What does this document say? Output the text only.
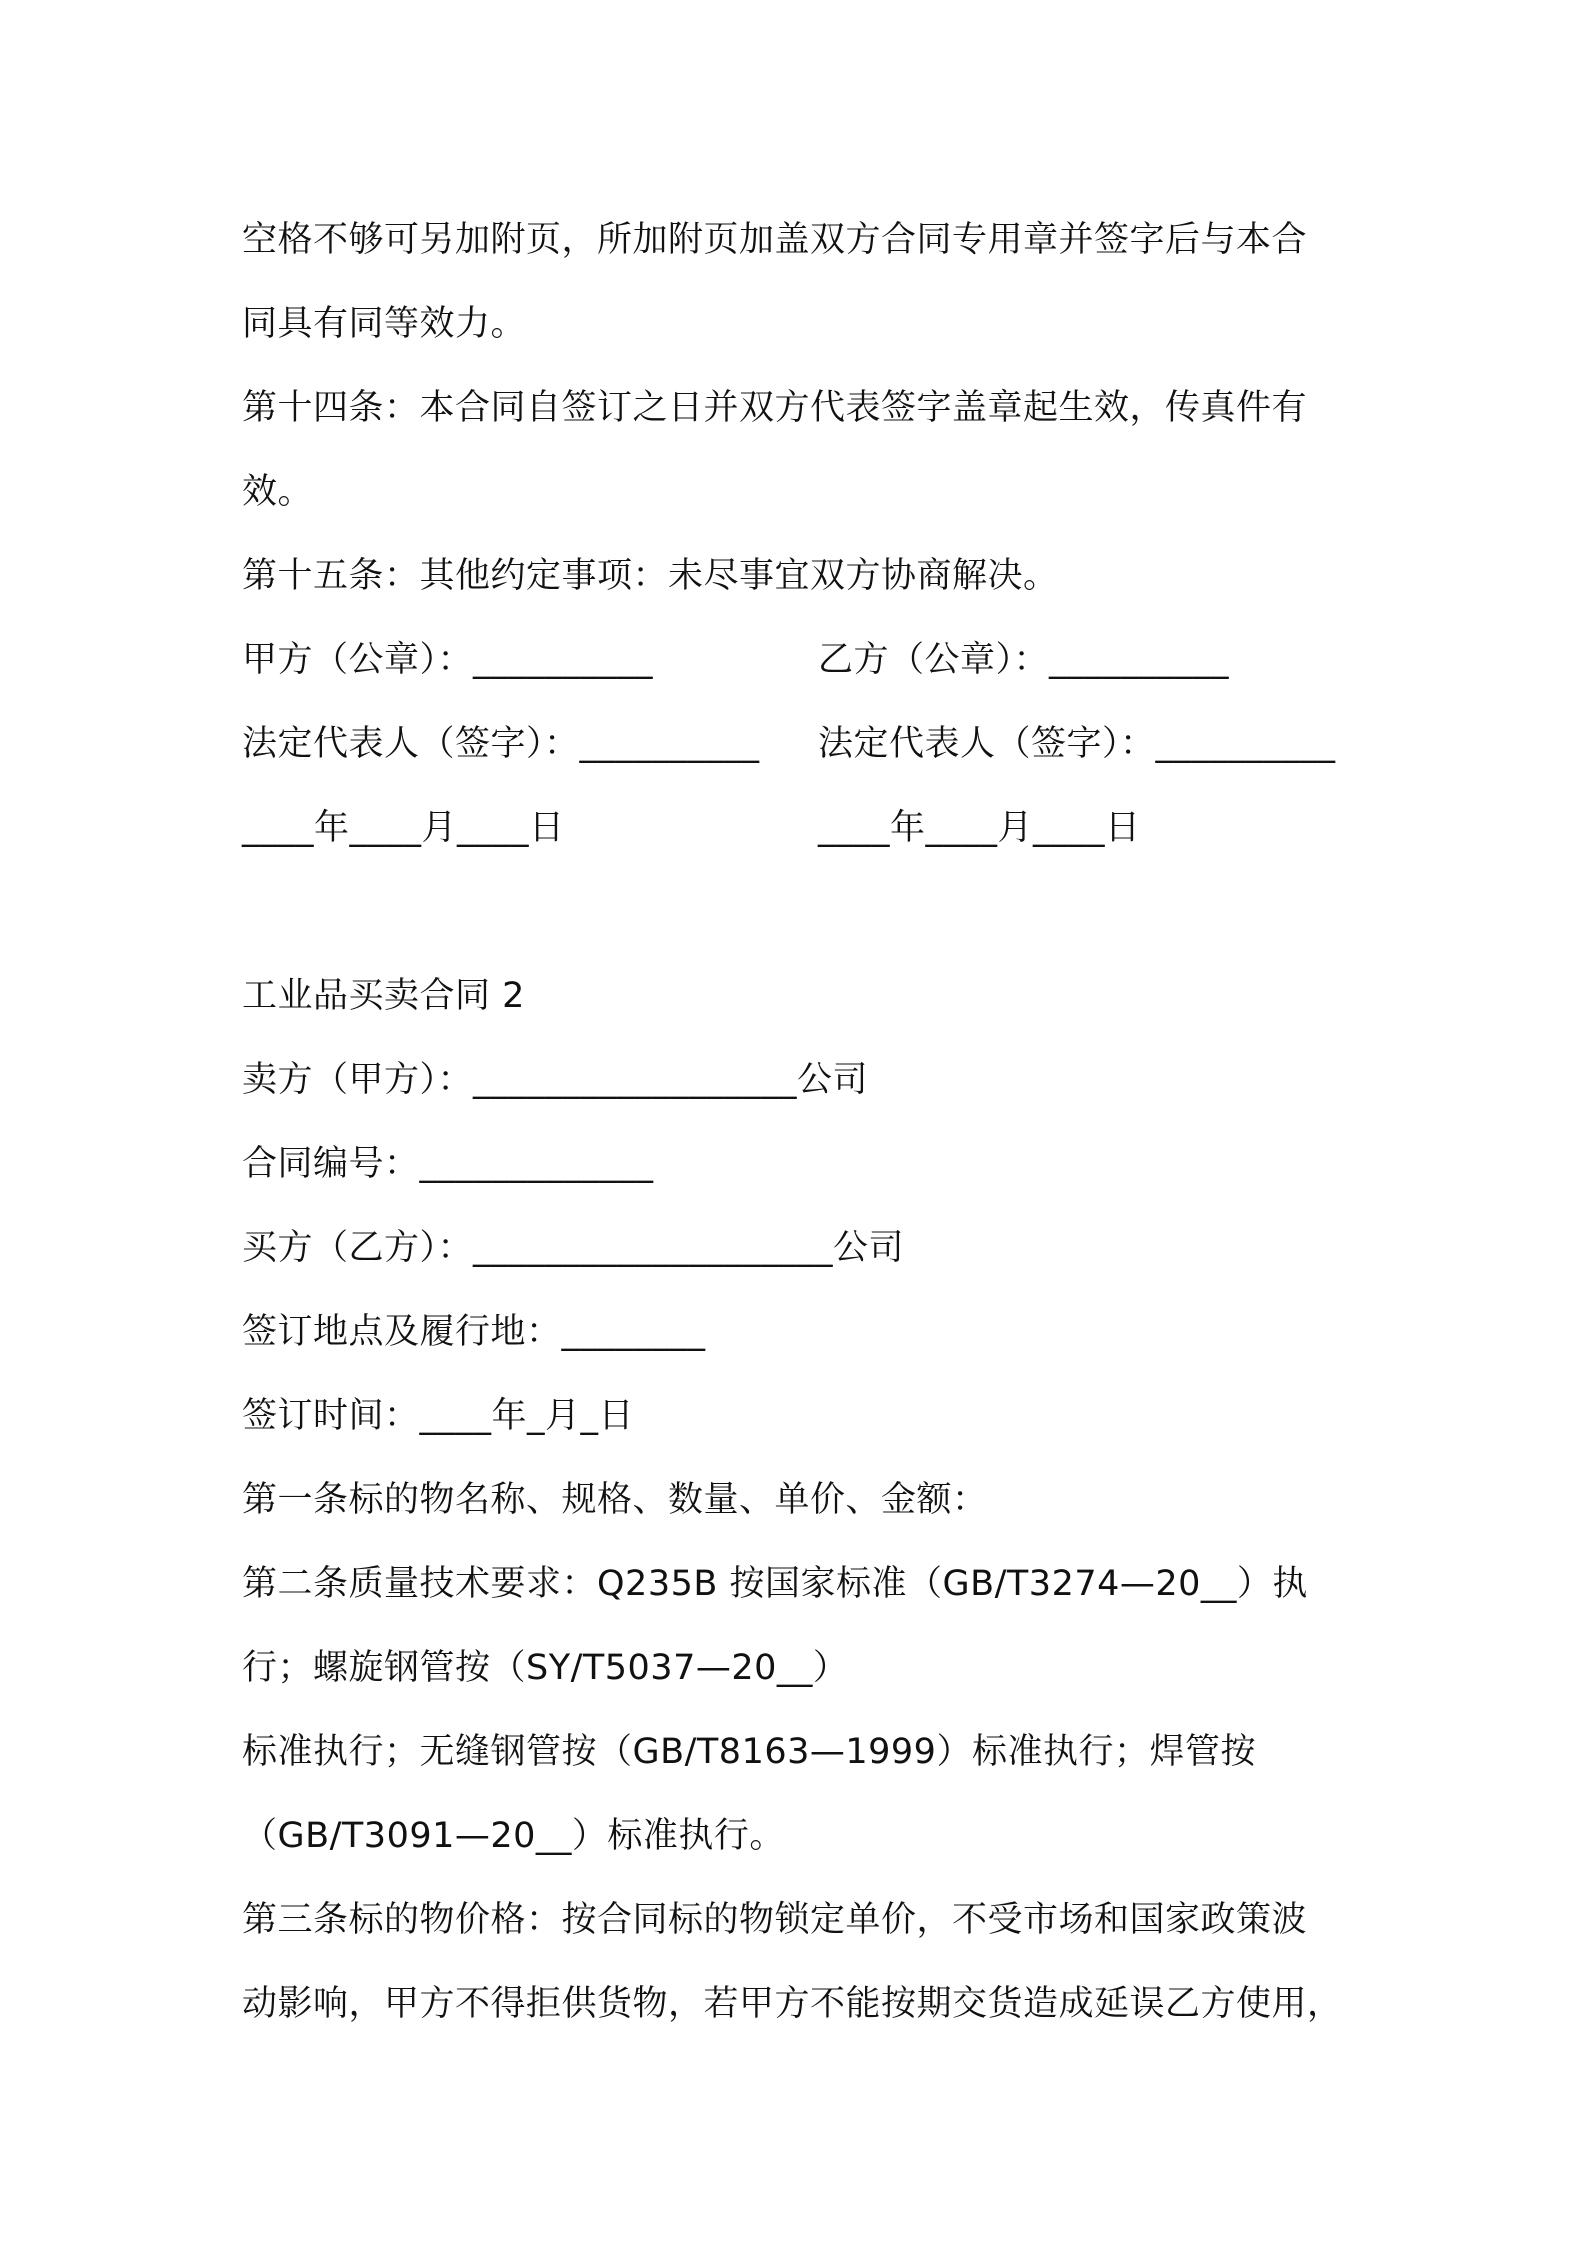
空格不够可另加附页，所加附页加盖双方合同专用章并签字后与本合
同具有同等效力。
第十四条：本合同自签订之日并双方代表签字盖章起生效，传真件有
效。
第十五条：其他约定事项：未尽事宜双方协商解决。
甲方（公章）：__________	乙方（公章）：__________
法定代表人（签字）：__________	法定代表人（签字）：__________
____年____月____日	____年____月____日
工业品买卖合同 2
卖方（甲方）：__________________公司
合同编号：_____________
买方（乙方）：____________________公司
签订地点及履行地：________
签订时间：____年_月_日
第一条标的物名称、规格、数量、单价、金额：
第二条质量技术要求：Q235B 按国家标准（GB/T3274—20__）执
行；螺旋钢管按（SY/T5037—20__）
标准执行；无缝钢管按（GB/T8163—1999）标准执行；焊管按
（GB/T3091—20__）标准执行。
第三条标的物价格：按合同标的物锁定单价，不受市场和国家政策波
动影响，甲方不得拒供货物，若甲方不能按期交货造成延误乙方使用，
